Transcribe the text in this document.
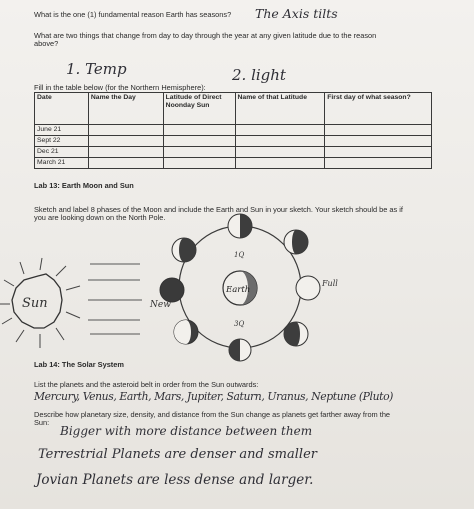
What is the one (1) fundamental reason Earth has seasons? The Axis tilts
What are two things that change from day to day through the year at any given latitude due to the reason
above?
1. Temp	2. light
Fill in the table below (for the Northern Hemisphere):
Date	Name the Day	Latitude of Direct Noonday Sun	Name of that Latitude	First day of what season?
June 21				
Sept 22				
Dec 21				
March 21				
Lab 13: Earth Moon and Sun
Sketch and label 8 phases of the Moon and include the Earth and Sun in your sketch. Your sketch should be as if
you are looking down on the North Pole.
Sun
Earth
New
Full
1Q
3Q
Lab 14: The Solar System
List the planets and the asteroid belt in order from the Sun outwards:
Mercury, Venus, Earth, Mars, Jupiter, Saturn, Uranus, Neptune (Pluto)
Describe how planetary size, density, and distance from the Sun change as planets get farther away from the
Sun:
Bigger with more distance between them
Terrestrial Planets are denser and smaller
Jovian Planets are less dense and larger.
